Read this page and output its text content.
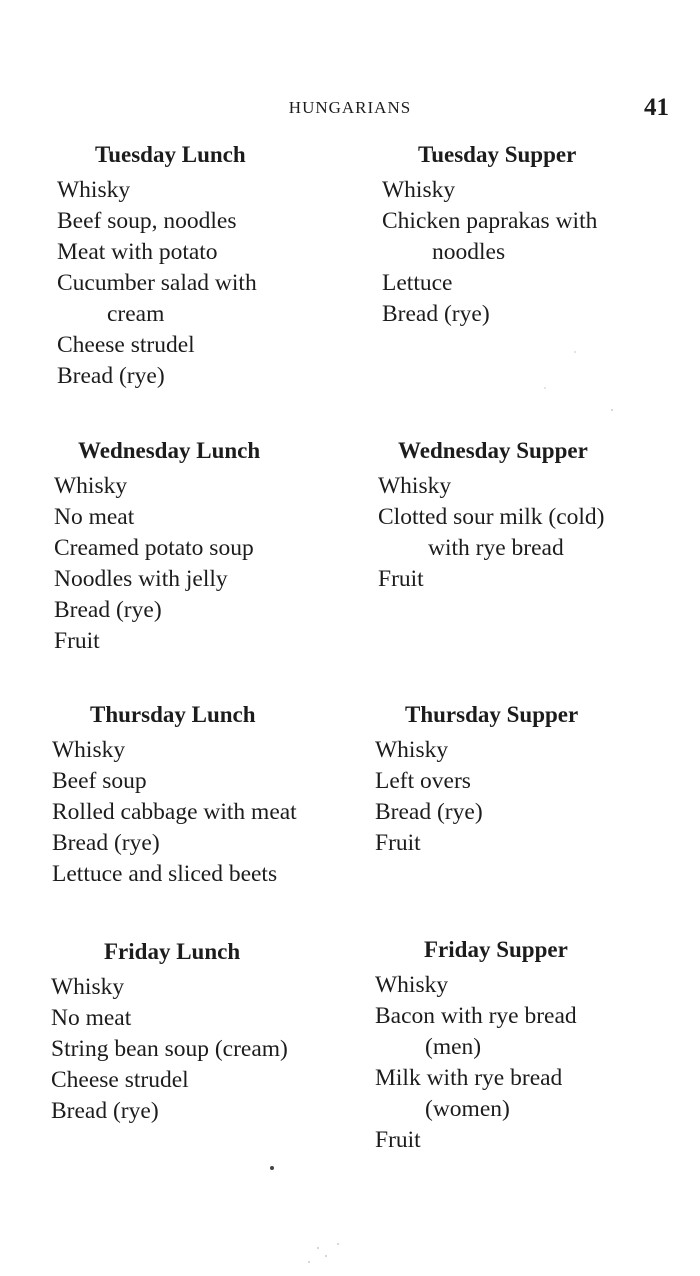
HUNGARIANS	41
Tuesday Lunch
Whisky
Beef soup, noodles
Meat with potato
Cucumber salad with
cream
Cheese strudel
Bread (rye)
Tuesday Supper
Whisky
Chicken paprakas with
noodles
Lettuce
Bread (rye)
Wednesday Lunch
Whisky
No meat
Creamed potato soup
Noodles with jelly
Bread (rye)
Fruit
Wednesday Supper
Whisky
Clotted sour milk (cold)
with rye bread
Fruit
Thursday Lunch
Whisky
Beef soup
Rolled cabbage with meat
Bread (rye)
Lettuce and sliced beets
Thursday Supper
Whisky
Left overs
Bread (rye)
Fruit
Friday Lunch
Whisky
No meat
String bean soup (cream)
Cheese strudel
Bread (rye)
Friday Supper
Whisky
Bacon with rye bread
(men)
Milk with rye bread
(women)
Fruit
